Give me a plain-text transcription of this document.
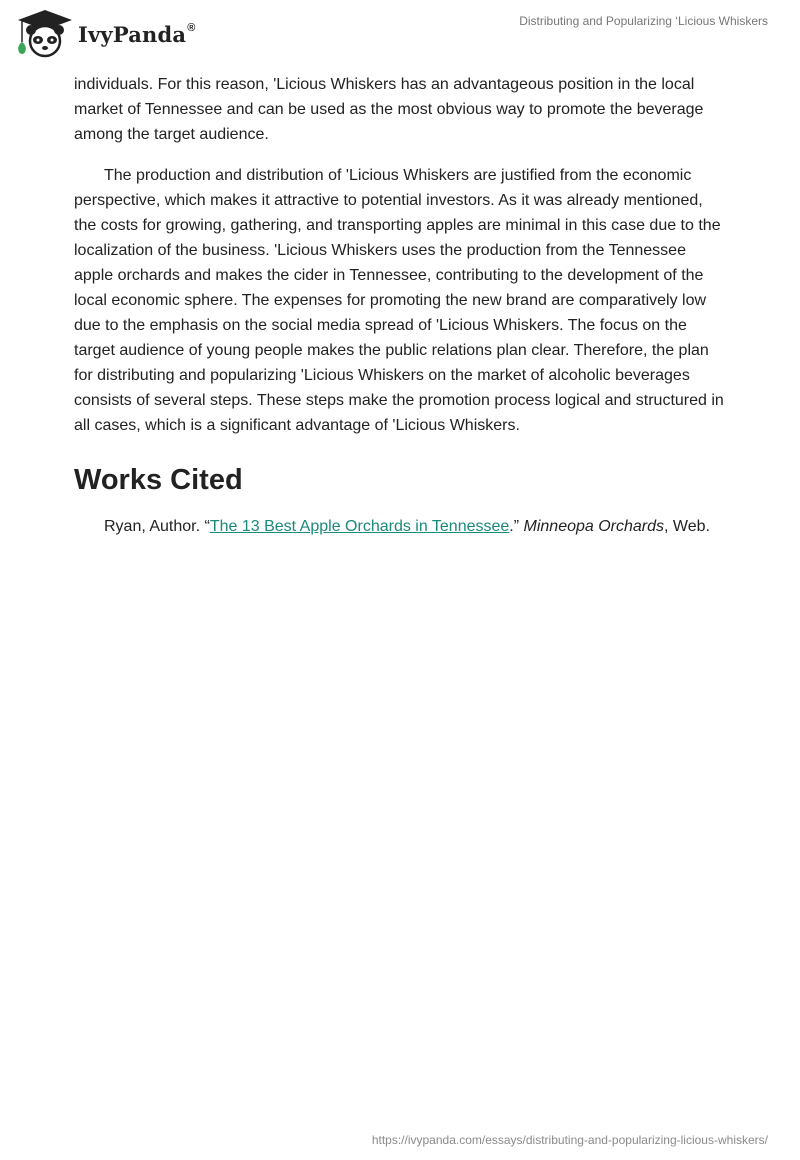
IvyPanda®	Distributing and Popularizing ‘Licious Whiskers

individuals. For this reason, 'Licious Whiskers has an advantageous position in the local market of Tennessee and can be used as the most obvious way to promote the beverage among the target audience.

The production and distribution of 'Licious Whiskers are justified from the economic perspective, which makes it attractive to potential investors. As it was already mentioned, the costs for growing, gathering, and transporting apples are minimal in this case due to the localization of the business. 'Licious Whiskers uses the production from the Tennessee apple orchards and makes the cider in Tennessee, contributing to the development of the local economic sphere. The expenses for promoting the new brand are comparatively low due to the emphasis on the social media spread of 'Licious Whiskers. The focus on the target audience of young people makes the public relations plan clear. Therefore, the plan for distributing and popularizing 'Licious Whiskers on the market of alcoholic beverages consists of several steps. These steps make the promotion process logical and structured in all cases, which is a significant advantage of 'Licious Whiskers.

Works Cited

Ryan, Author. “The 13 Best Apple Orchards in Tennessee.” Minneopa Orchards, Web.

https://ivypanda.com/essays/distributing-and-popularizing-licious-whiskers/
